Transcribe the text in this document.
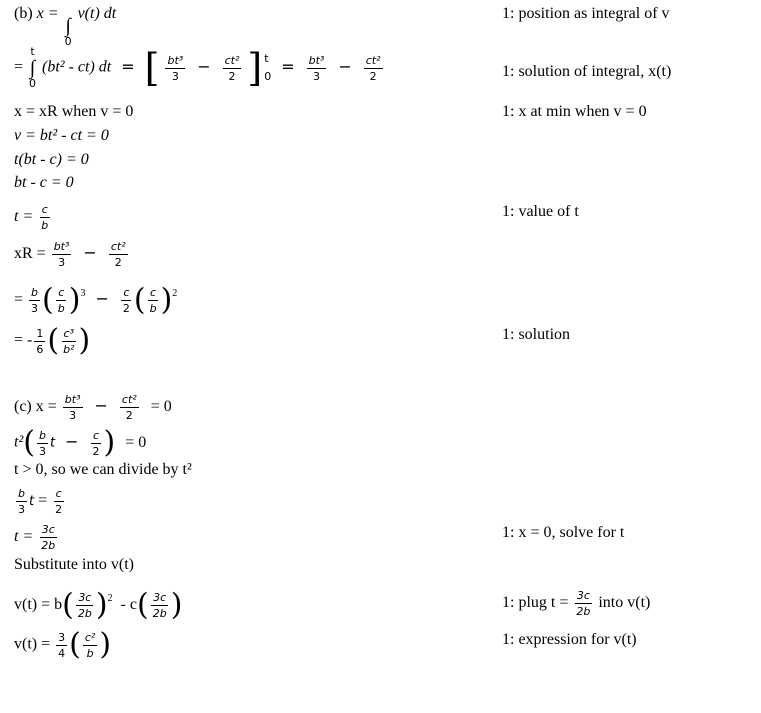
(b) x =
∫
0
v(t) dt	1: position as integral of v
=
t
∫
0
(bt² - ct) dt = [ $\frac{\text{bt³}}{3} - \frac{\text{ct²}}{2}$ ] t
0
= $\frac{\text{bt³}}{3} - \frac{\text{ct²}}{2}$	1: solution of integral, x(t)
x = xR when v = 0	1: x at min when v = 0
v = bt² - ct = 0
t(bt - c) = 0
bt - c = 0
$t = \frac{c}{b}$	1: value of t
xR = $\frac{\text{bt³}}{3} - \frac{\text{ct²}}{2}$
= $\frac{b}{3}$ ( $\frac{c}{b} )^3 - \frac{c}{2}$ ( $\frac{c}{b} )^2$
= - $\frac{1}{6}$ ( $\frac{\text{c³}}{\text{b²}}$ )	1: solution
(c) $x = \frac{\text{bt³}}{3} - \frac{\text{ct²}}{2} = 0$
$t^2( \frac{b}{3}$ $t - \frac{c}{2}$ ) = 0
t > 0, so we can divide by t²
$\frac{b}{3}$ $t = \frac{c}{2}$
$t = \frac{3c}{2b}$	1: x = 0, solve for t
Substitute into v(t)
$v(t) = b( \frac{3c}{2b} )^2 - c( \frac{3c}{2b}$ )	1: plug $t = \frac{3c}{2b}$ into v(t)
$v(t) = \frac{3}{4}$ ( $\frac{\text{c²}}{b}$ )	1: expression for v(t)
